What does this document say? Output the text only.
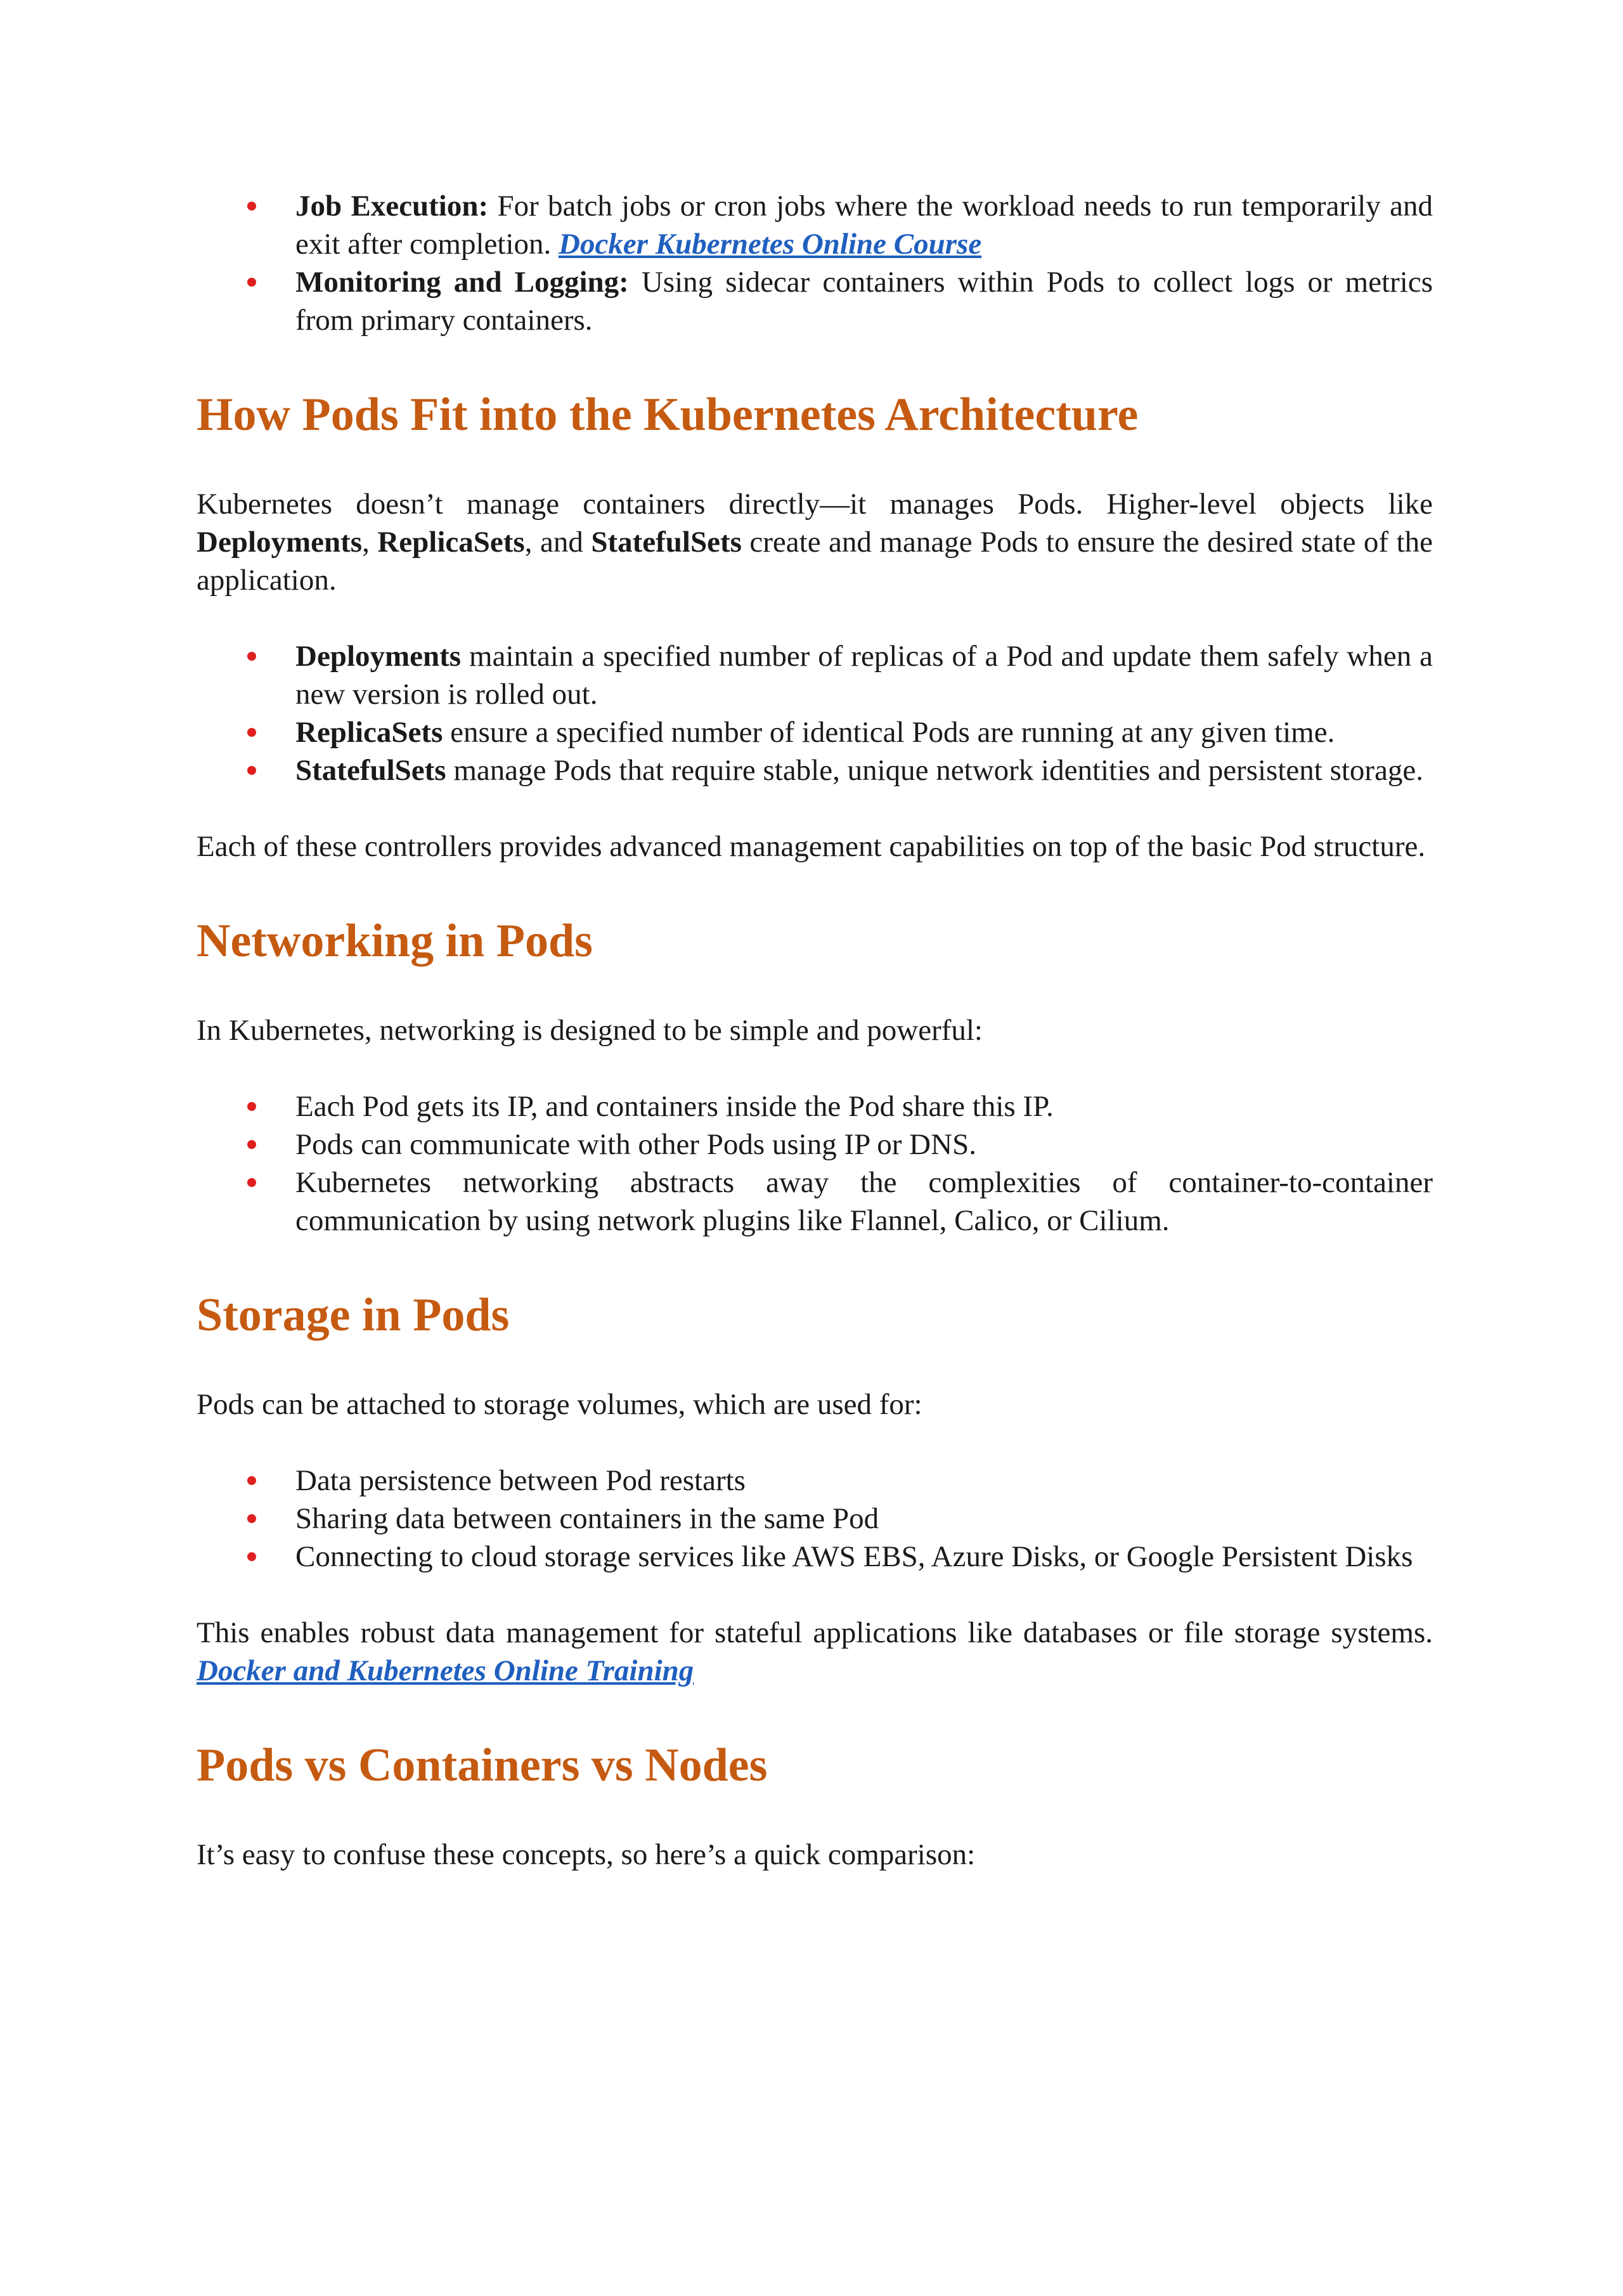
Job Execution: For batch jobs or cron jobs where the workload needs to run temporarily and exit after completion. Docker Kubernetes Online Course
Monitoring and Logging: Using sidecar containers within Pods to collect logs or metrics from primary containers.
How Pods Fit into the Kubernetes Architecture

Kubernetes doesn’t manage containers directly—it manages Pods. Higher-level objects like Deployments, ReplicaSets, and StatefulSets create and manage Pods to ensure the desired state of the application.

Deployments maintain a specified number of replicas of a Pod and update them safely when a new version is rolled out.
ReplicaSets ensure a specified number of identical Pods are running at any given time.
StatefulSets manage Pods that require stable, unique network identities and persistent storage.

Each of these controllers provides advanced management capabilities on top of the basic Pod structure.

Networking in Pods

In Kubernetes, networking is designed to be simple and powerful:

Each Pod gets its IP, and containers inside the Pod share this IP.
Pods can communicate with other Pods using IP or DNS.
Kubernetes networking abstracts away the complexities of container-to-container communication by using network plugins like Flannel, Calico, or Cilium.
Storage in Pods

Pods can be attached to storage volumes, which are used for:

Data persistence between Pod restarts
Sharing data between containers in the same Pod
Connecting to cloud storage services like AWS EBS, Azure Disks, or Google Persistent Disks

This enables robust data management for stateful applications like databases or file storage systems. Docker and Kubernetes Online Training

Pods vs Containers vs Nodes

It’s easy to confuse these concepts, so here’s a quick comparison:
